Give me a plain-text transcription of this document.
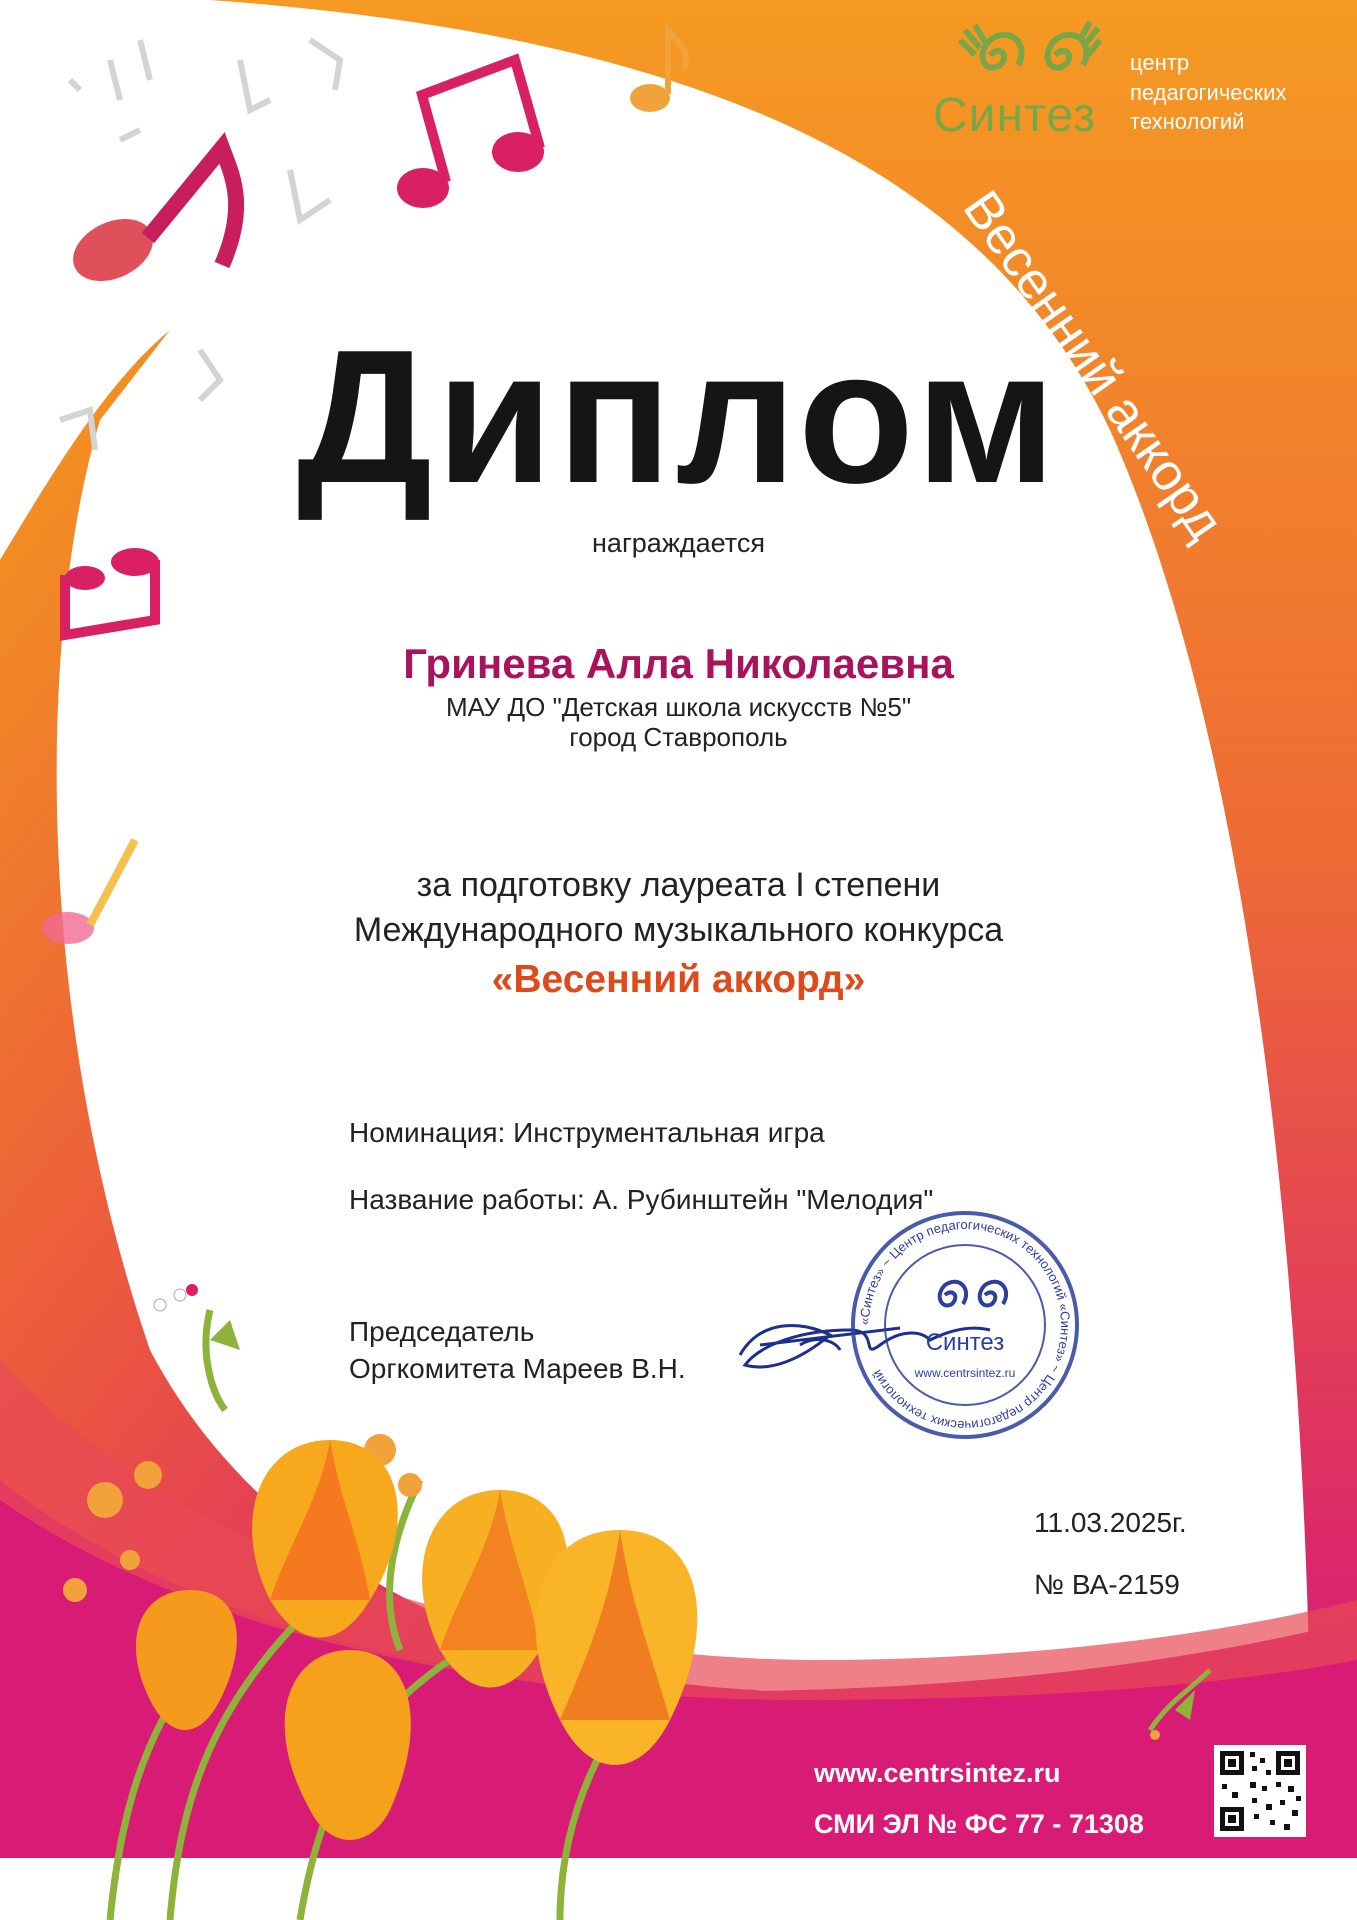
«Синтез» ~ Центр педагогических технологий «Синтез» ~ Центр педагогических технологий
Синтез
www.centrsintez.ru
Синтез
центр
педагогических
технологий
Весенний аккорд
Диплом
награждается
Гринева Алла Николаевна
МАУ ДО "Детская школа искусств №5"
город Ставрополь
за подготовку лауреата I степени
Международного музыкального конкурса
«Весенний аккорд»
Номинация: Инструментальная игра
Название работы: А. Рубинштейн "Мелодия"
Председатель
Оргкомитета Мареев В.Н.
11.03.2025г.
№ ВА-2159
www.centrsintez.ru
СМИ ЭЛ № ФС 77 - 71308
